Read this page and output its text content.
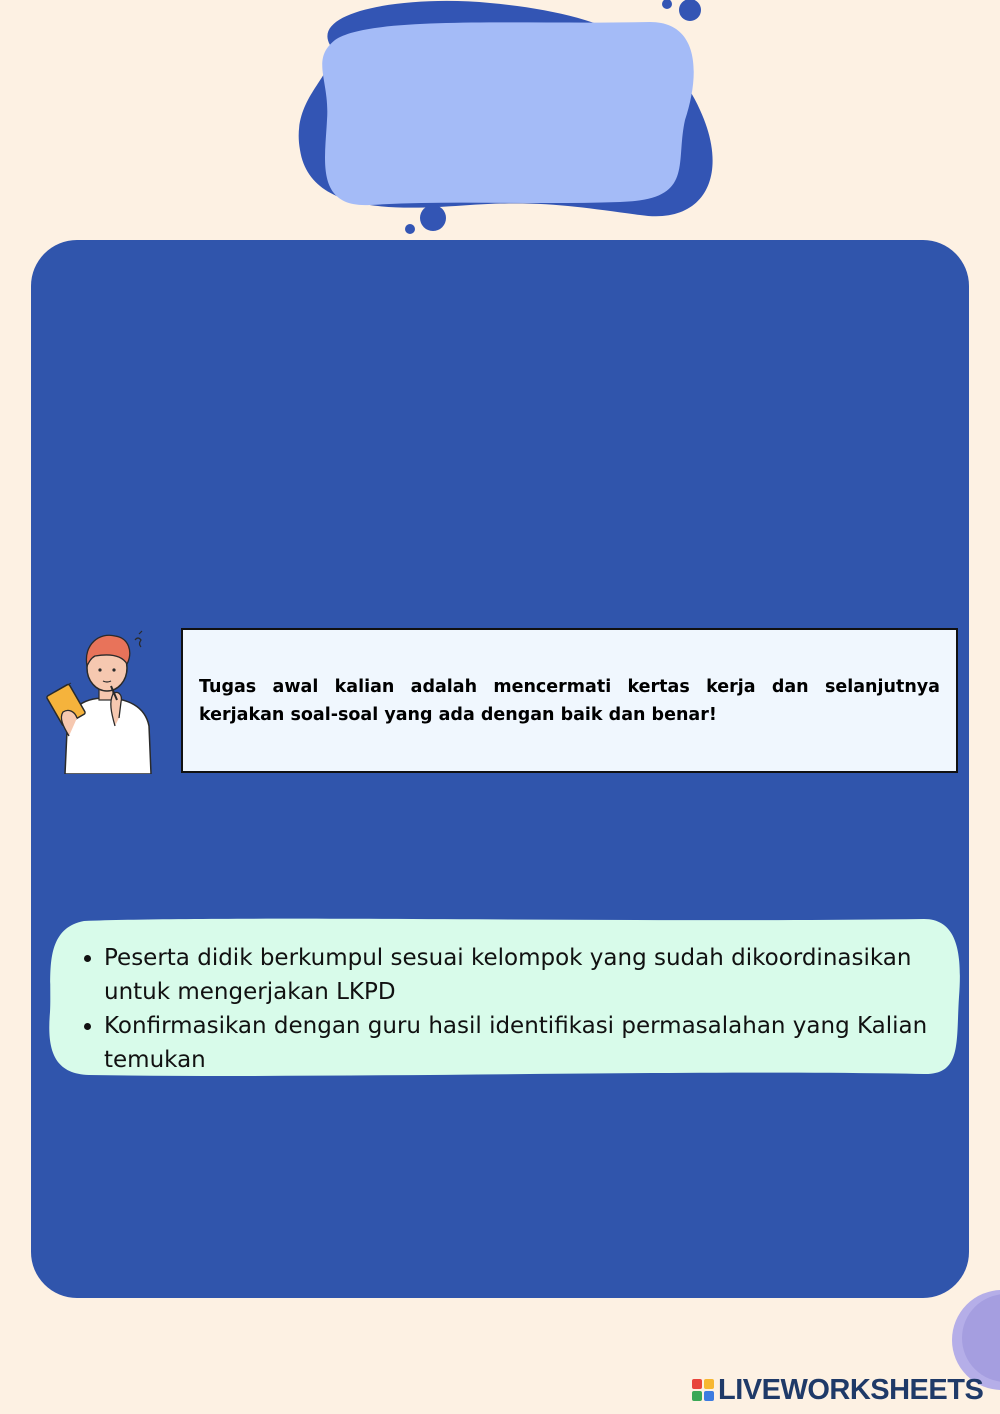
Tugas awal kalian adalah mencermati kertas kerja dan selanjutnya kerjakan soal-soal yang ada dengan baik dan benar!

• Peserta didik berkumpul sesuai kelompok yang sudah dikoordinasikan untuk mengerjakan LKPD
• Konfirmasikan dengan guru hasil identifikasi permasalahan yang Kalian temukan
LIVEWORKSHEETS
